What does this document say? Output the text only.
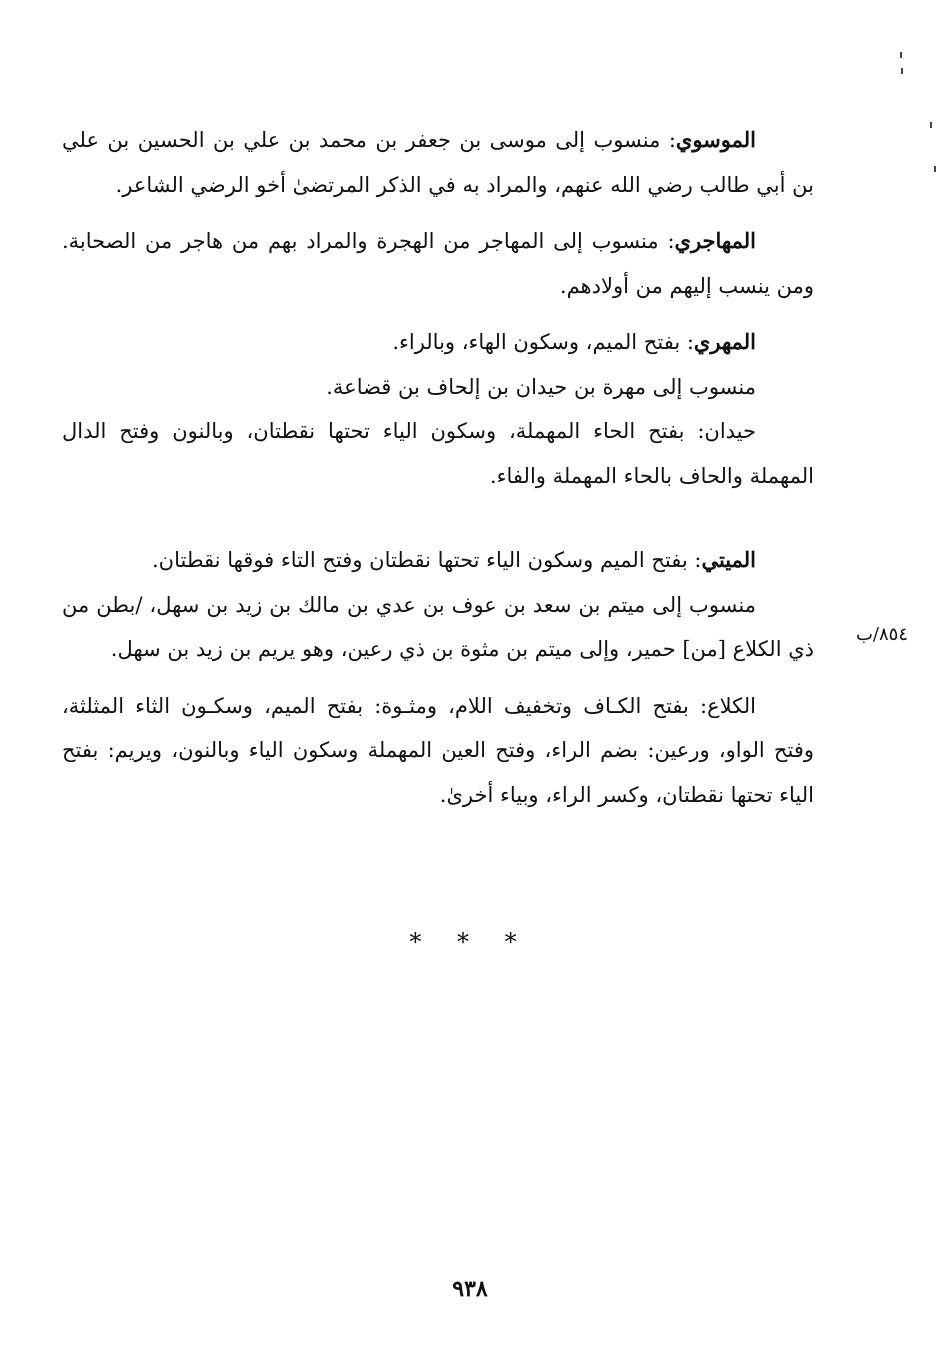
الموسوي: منسوب إلى موسى بن جعفر بن محمد بن علي بن الحسين بن علي بن أبي طالب رضي الله عنهم، والمراد به في الذكر المرتضىٰ أخو الرضي الشاعر.

المهاجري: منسوب إلى المهاجر من الهجرة والمراد بهم من هاجر من الصحابة. ومن ينسب إليهم من أولادهم.

المهري: بفتح الميم، وسكون الهاء، وبالراء.

منسوب إلى مهرة بن حيدان بن إلحاف بن قضاعة.

حيدان: بفتح الحاء المهملة، وسكون الياء تحتها نقطتان، وبالنون وفتح الدال المهملة والحاف بالحاء المهملة والفاء.

الميتي: بفتح الميم وسكون الياء تحتها نقطتان وفتح التاء فوقها نقطتان.

منسوب إلى ميتم بن سعد بن عوف بن عدي بن مالك بن زيد بن سهل، /بطن من ذي الكلاع [من] حمير، وإلى ميتم بن مثوة بن ذي رعين، وهو يريم بن زيد بن سهل.

الكلاع: بفتح الكـاف وتخفيف اللام، ومثـوة: بفتح الميم، وسكـون الثاء المثلثة، وفتح الواو، ورعين: بضم الراء، وفتح العين المهملة وسكون الياء وبالنون، ويريم: بفتح الياء تحتها نقطتان، وكسر الراء، وبياء أخرىٰ.

٨٥٤/ب
* * *
٩٣٨
